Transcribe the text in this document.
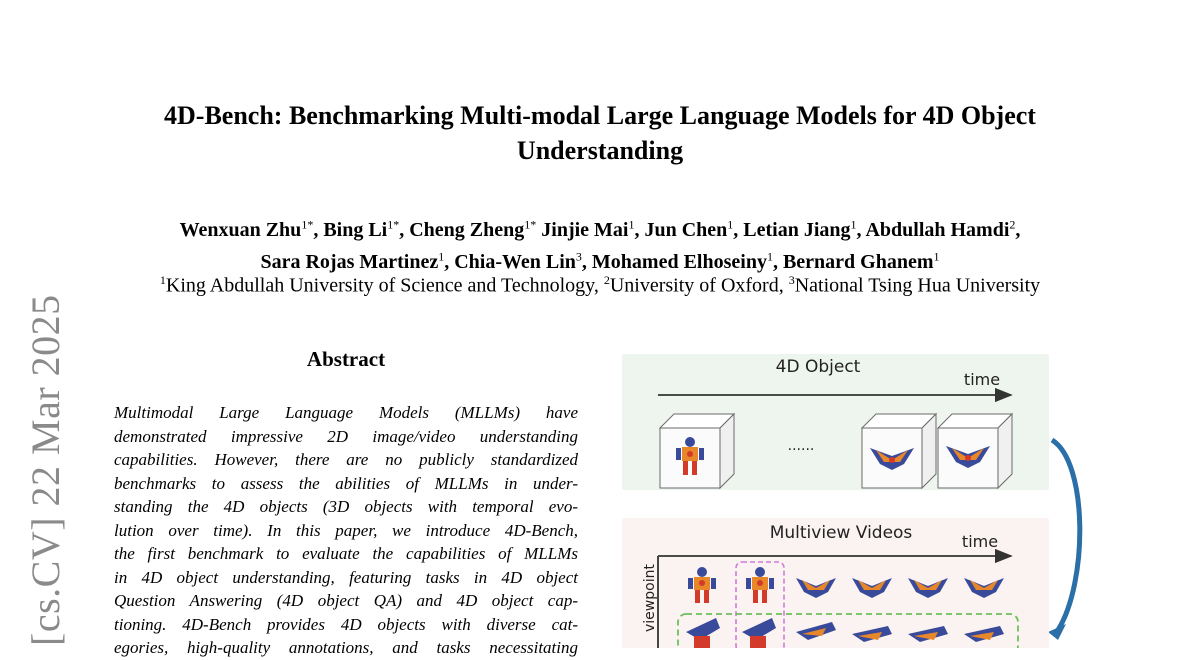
[cs.CV] 22 Mar 2025
4D-Bench: Benchmarking Multi-modal Large Language Models for 4D Object
Understanding
Wenxuan Zhu$^{1*}$, Bing $Li^{1*}$, Cheng Zheng$^{1*}$ Jinjie Mai$^1$, Jun Chen$^1$, Letian Jiang$^1$, Abdullah Hamdi$^2$,
Sara Rojas Martinez$^1$, Chia-Wen Lin$^3$, Mohamed Elhoseiny$^1$, Bernard Ghanem$^1$
$^1$King Abdullah University of Science and Technology, $^2$University of Oxford, $^3$National Tsing Hua University
Abstract
Multimodal Large Language Models (MLLMs) have
demonstrated impressive 2D image/video understanding
capabilities. However, there are no publicly standardized
benchmarks to assess the abilities of MLLMs in under-
standing the 4D objects (3D objects with temporal evo-
lution over time). In this paper, we introduce 4D-Bench,
the first benchmark to evaluate the capabilities of MLLMs
in 4D object understanding, featuring tasks in 4D object
Question Answering (4D object QA) and 4D object cap-
tioning. 4D-Bench provides 4D objects with diverse cat-
egories, high-quality annotations, and tasks necessitating
4D Object
time
......
Multiview Videos	time
viewpoint
